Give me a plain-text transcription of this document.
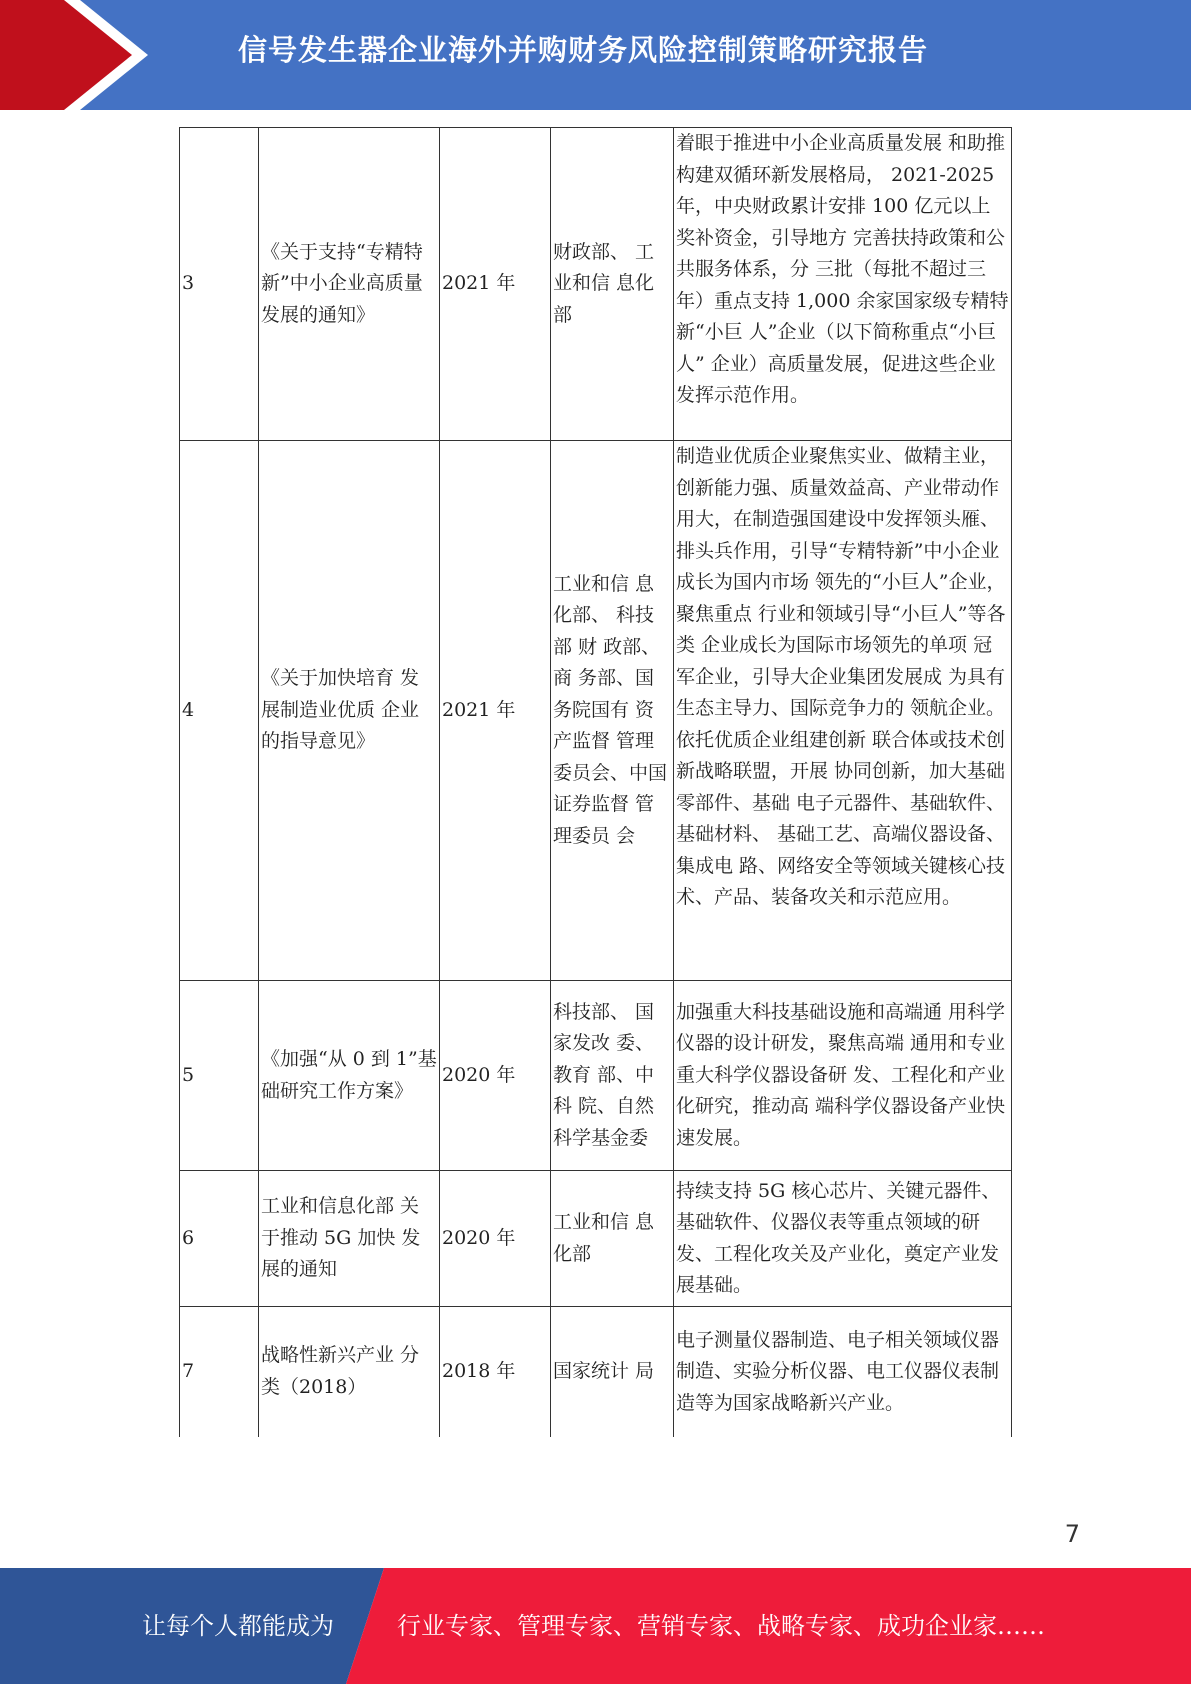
信号发生器企业海外并购财务风险控制策略研究报告
3	《关于支持“专精特新”中小企业高质量发展的通知》	2021 年	财政部、 工业和信 息化部	着眼于推进中小企业高质量发展 和助推构建双循环新发展格局， 2021-2025 年，中央财政累计安排 100 亿元以上奖补资金，引导地方 完善扶持政策和公共服务体系，分 三批（每批不超过三年）重点支持 1,000 余家国家级专精特新“小巨 人”企业（以下简称重点“小巨人” 企业）高质量发展，促进这些企业 发挥示范作用。
4	《关于加快培育 发展制造业优质 企业的指导意见》	2021 年	工业和信 息化部、 科技部 财 政部、商 务部、国 务院国有 资产监督 管理委员会、中国 证券监督 管理委员 会	制造业优质企业聚焦实业、做精主业，创新能力强、质量效益高、产业带动作用大，在制造强国建设中发挥领头雁、排头兵作用，引导“专精特新”中小企业成长为国内市场 领先的“小巨人”企业，聚焦重点 行业和领域引导“小巨人”等各类 企业成长为国际市场领先的单项 冠军企业，引导大企业集团发展成 为具有生态主导力、国际竞争力的 领航企业。依托优质企业组建创新 联合体或技术创新战略联盟，开展 协同创新，加大基础零部件、基础 电子元器件、基础软件、基础材料、 基础工艺、高端仪器设备、集成电 路、网络安全等领域关键核心技 术、产品、装备攻关和示范应用。
5	《加强“从 0 到 1”基础研究工作方案》	2020 年	科技部、 国家发改 委、教育 部、中科 院、自然 科学基金委	加强重大科技基础设施和高端通 用科学仪器的设计研发，聚焦高端 通用和专业重大科学仪器设备研 发、工程化和产业化研究，推动高 端科学仪器设备产业快速发展。
6	工业和信息化部 关于推动 5G 加快 发展的通知	2020 年	工业和信 息化部	持续支持 5G 核心芯片、关键元器件、基础软件、仪器仪表等重点领域的研发、工程化攻关及产业化，奠定产业发展基础。
7	战略性新兴产业 分类（2018）	2018 年	国家统计 局	电子测量仪器制造、电子相关领域仪器制造、实验分析仪器、电工仪器仪表制造等为国家战略新兴产业。
7
让每个人都能成为	行业专家、管理专家、营销专家、战略专家、成功企业家……
